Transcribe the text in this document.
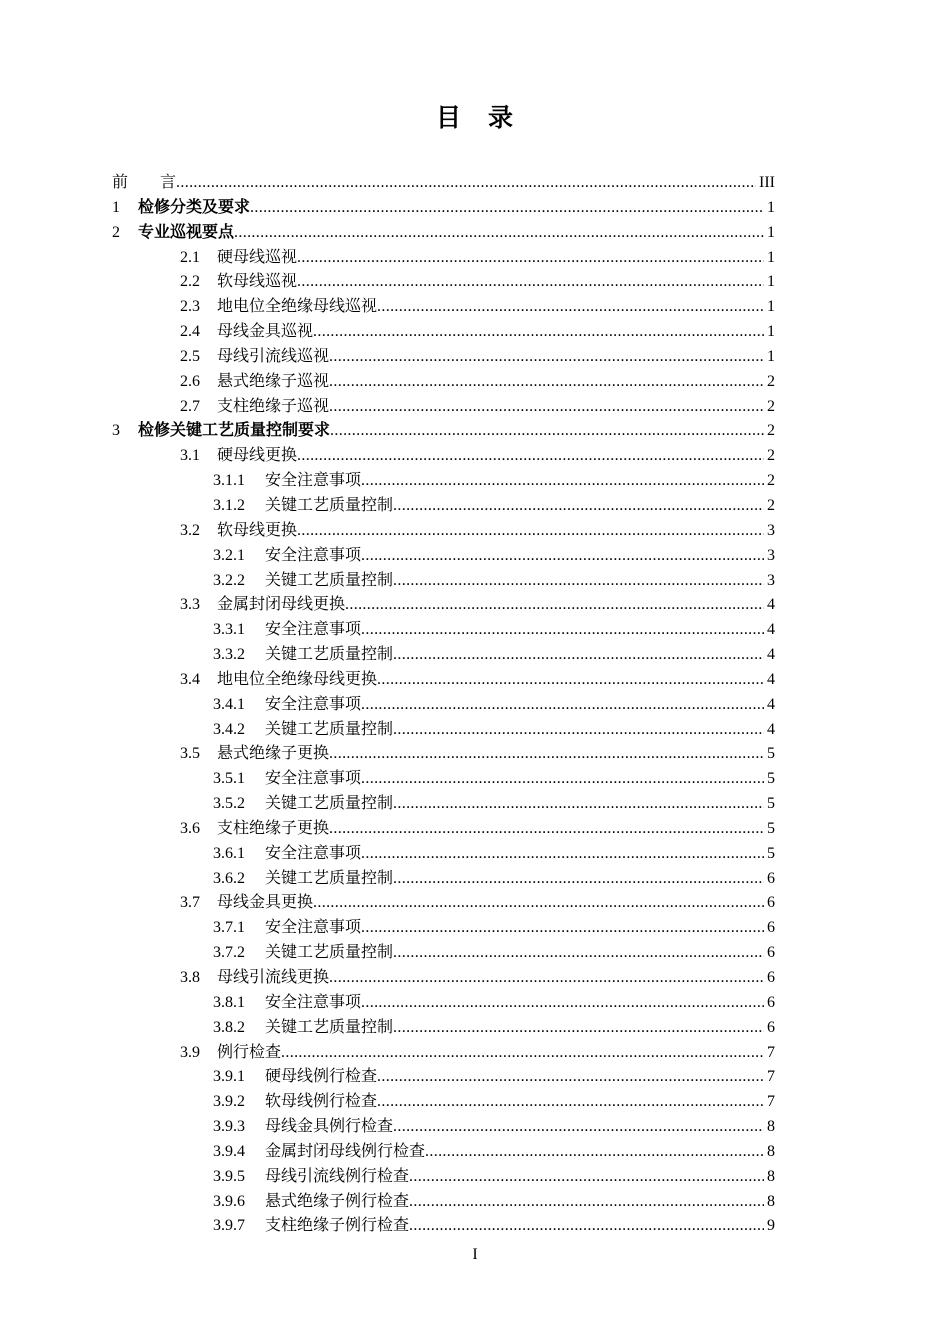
目　录
前　　言 .....	III
1	检修分类及要求 .....	1
2	专业巡视要点 .....	1
2.1	硬母线巡视 .....	1
2.2	软母线巡视 .....	1
2.3	地电位全绝缘母线巡视 .....	1
2.4	母线金具巡视 .....	1
2.5	母线引流线巡视 .....	1
2.6	悬式绝缘子巡视 .....	2
2.7	支柱绝缘子巡视 .....	2
3	检修关键工艺质量控制要求 .....	2
3.1	硬母线更换 .....	2
3.1.1	安全注意事项 .....	2
3.1.2	关键工艺质量控制 .....	2
3.2	软母线更换 .....	3
3.2.1	安全注意事项 .....	3
3.2.2	关键工艺质量控制 .....	3
3.3	金属封闭母线更换 .....	4
3.3.1	安全注意事项 .....	4
3.3.2	关键工艺质量控制 .....	4
3.4	地电位全绝缘母线更换 .....	4
3.4.1	安全注意事项 .....	4
3.4.2	关键工艺质量控制 .....	4
3.5	悬式绝缘子更换 .....	5
3.5.1	安全注意事项 .....	5
3.5.2	关键工艺质量控制 .....	5
3.6	支柱绝缘子更换 .....	5
3.6.1	安全注意事项 .....	5
3.6.2	关键工艺质量控制 .....	6
3.7	母线金具更换 .....	6
3.7.1	安全注意事项 .....	6
3.7.2	关键工艺质量控制 .....	6
3.8	母线引流线更换 .....	6
3.8.1	安全注意事项 .....	6
3.8.2	关键工艺质量控制 .....	6
3.9	例行检查 .....	7
3.9.1	硬母线例行检查 .....	7
3.9.2	软母线例行检查 .....	7
3.9.3	母线金具例行检查 .....	8
3.9.4	金属封闭母线例行检查 .....	8
3.9.5	母线引流线例行检查 .....	8
3.9.6	悬式绝缘子例行检查 .....	8
3.9.7	支柱绝缘子例行检查 .....	9
I
